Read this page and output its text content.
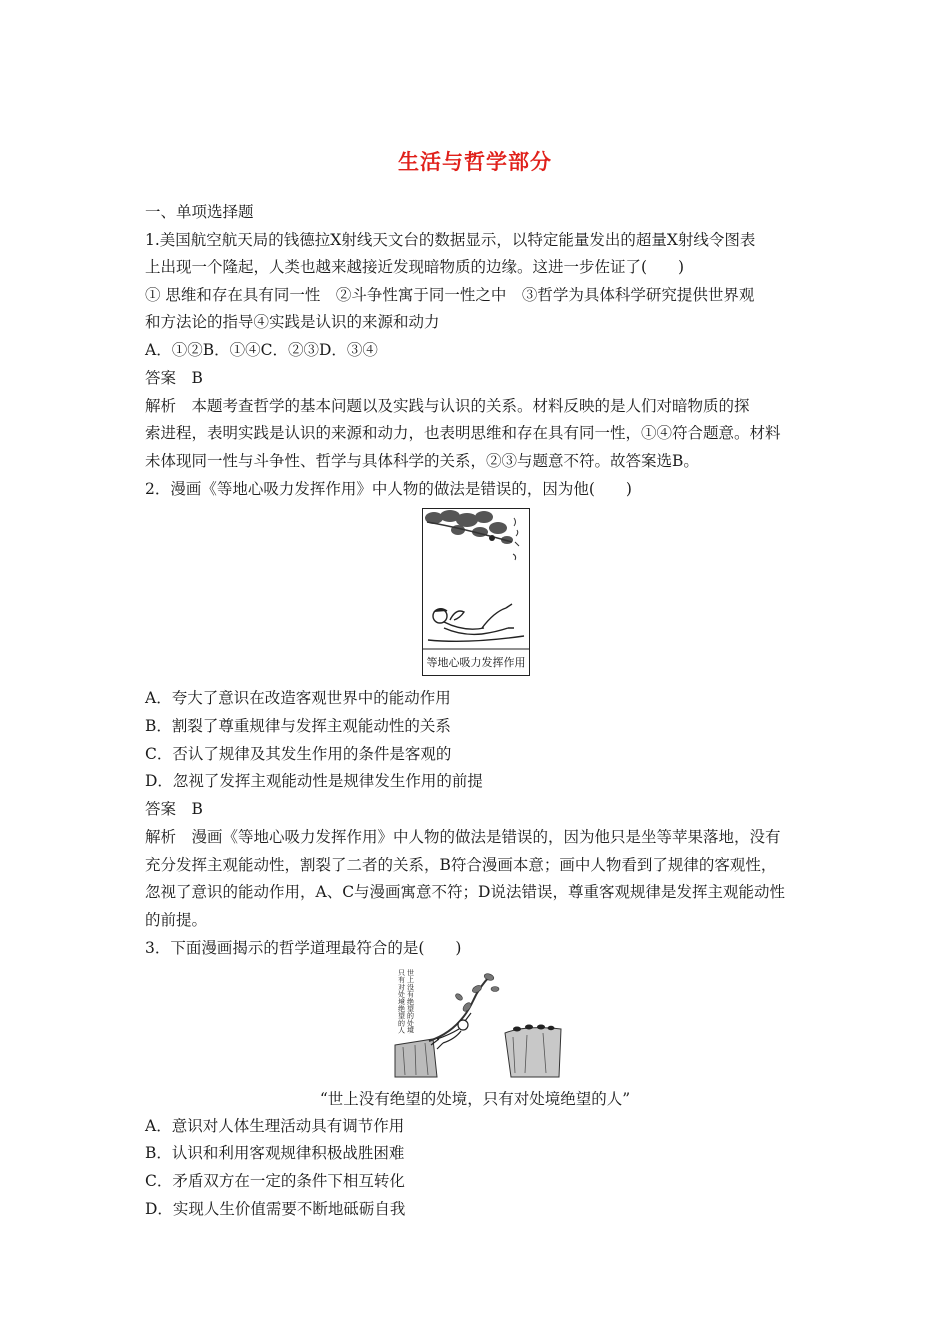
生活与哲学部分
一、单项选择题
1.美国航空航天局的钱德拉X射线天文台的数据显示，以特定能量发出的超量X射线令图表
上出现一个隆起，人类也越来越接近发现暗物质的边缘。这进一步佐证了(　　)
① 思维和存在具有同一性　②斗争性寓于同一性之中　③哲学为具体科学研究提供世界观
和方法论的指导④实践是认识的来源和动力
A．①②B．①④C．②③D．③④
答案　B
解析　本题考查哲学的基本问题以及实践与认识的关系。材料反映的是人们对暗物质的探
索进程，表明实践是认识的来源和动力，也表明思维和存在具有同一性，①④符合题意。材料
未体现同一性与斗争性、哲学与具体科学的关系，②③与题意不符。故答案选B。
2．漫画《等地心吸力发挥作用》中人物的做法是错误的，因为他(　　)
等地心吸力发挥作用
A．夸大了意识在改造客观世界中的能动作用
B．割裂了尊重规律与发挥主观能动性的关系
C．否认了规律及其发生作用的条件是客观的
D．忽视了发挥主观能动性是规律发生作用的前提
答案　B
解析　漫画《等地心吸力发挥作用》中人物的做法是错误的，因为他只是坐等苹果落地，没有
充分发挥主观能动性，割裂了二者的关系，B符合漫画本意；画中人物看到了规律的客观性，
忽视了意识的能动作用，A、C与漫画寓意不符；D说法错误，尊重客观规律是发挥主观能动性
的前提。
3．下面漫画揭示的哲学道理最符合的是(　　)
世
上
没
有
绝
望
的
处
境
只
有
对
处
境
绝
望
的
人
“世上没有绝望的处境，只有对处境绝望的人”
A．意识对人体生理活动具有调节作用
B．认识和利用客观规律积极战胜困难
C．矛盾双方在一定的条件下相互转化
D．实现人生价值需要不断地砥砺自我
